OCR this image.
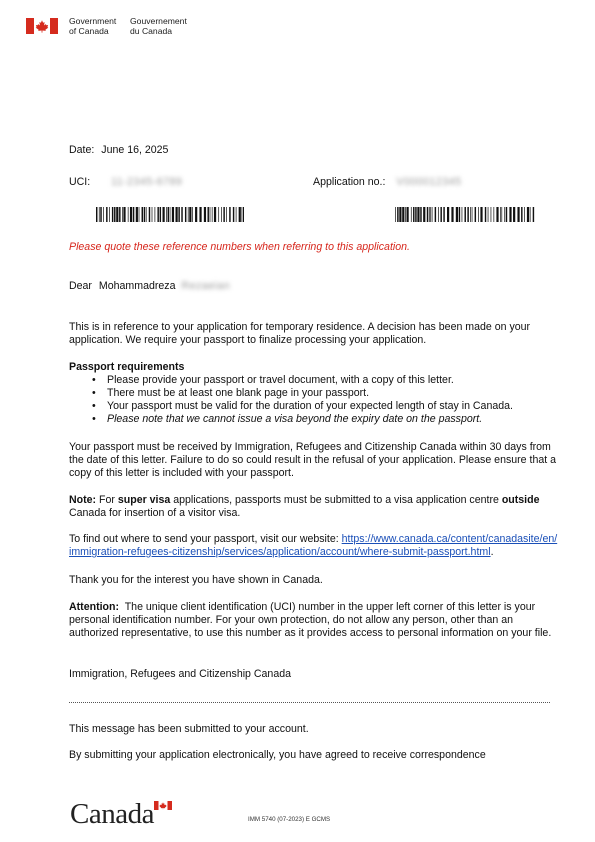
Government
of Canada
Gouvernement
du Canada
Date: June 16, 2025
UCI: 11-2345-6789	Application no.: V000012345
Please quote these reference numbers when referring to this application.
Dear Mohammadreza Rezaeian
This is in reference to your application for temporary residence. A decision has been made on your application. We require your passport to finalize processing your application.
Passport requirements
• Please provide your passport or travel document, with a copy of this letter.
• There must be at least one blank page in your passport.
• Your passport must be valid for the duration of your expected length of stay in Canada.
• Please note that we cannot issue a visa beyond the expiry date on the passport.
Your passport must be received by Immigration, Refugees and Citizenship Canada within 30 days from the date of this letter. Failure to do so could result in the refusal of your application. Please ensure that a copy of this letter is included with your passport.
Note: For super visa applications, passports must be submitted to a visa application centre outside Canada for insertion of a visitor visa.
To find out where to send your passport, visit our website: https://www.canada.ca/content/canadasite/en/immigration-refugees-citizenship/services/application/account/where-submit-passport.html.
Thank you for the interest you have shown in Canada.
Attention:  The unique client identification (UCI) number in the upper left corner of this letter is your personal identification number. For your own protection, do not allow any person, other than an authorized representative, to use this number as it provides access to personal information on your file.
Immigration, Refugees and Citizenship Canada
This message has been submitted to your account.
By submitting your application electronically, you have agreed to receive correspondence
Canada	IMM 5740 (07-2023) E GCMS
